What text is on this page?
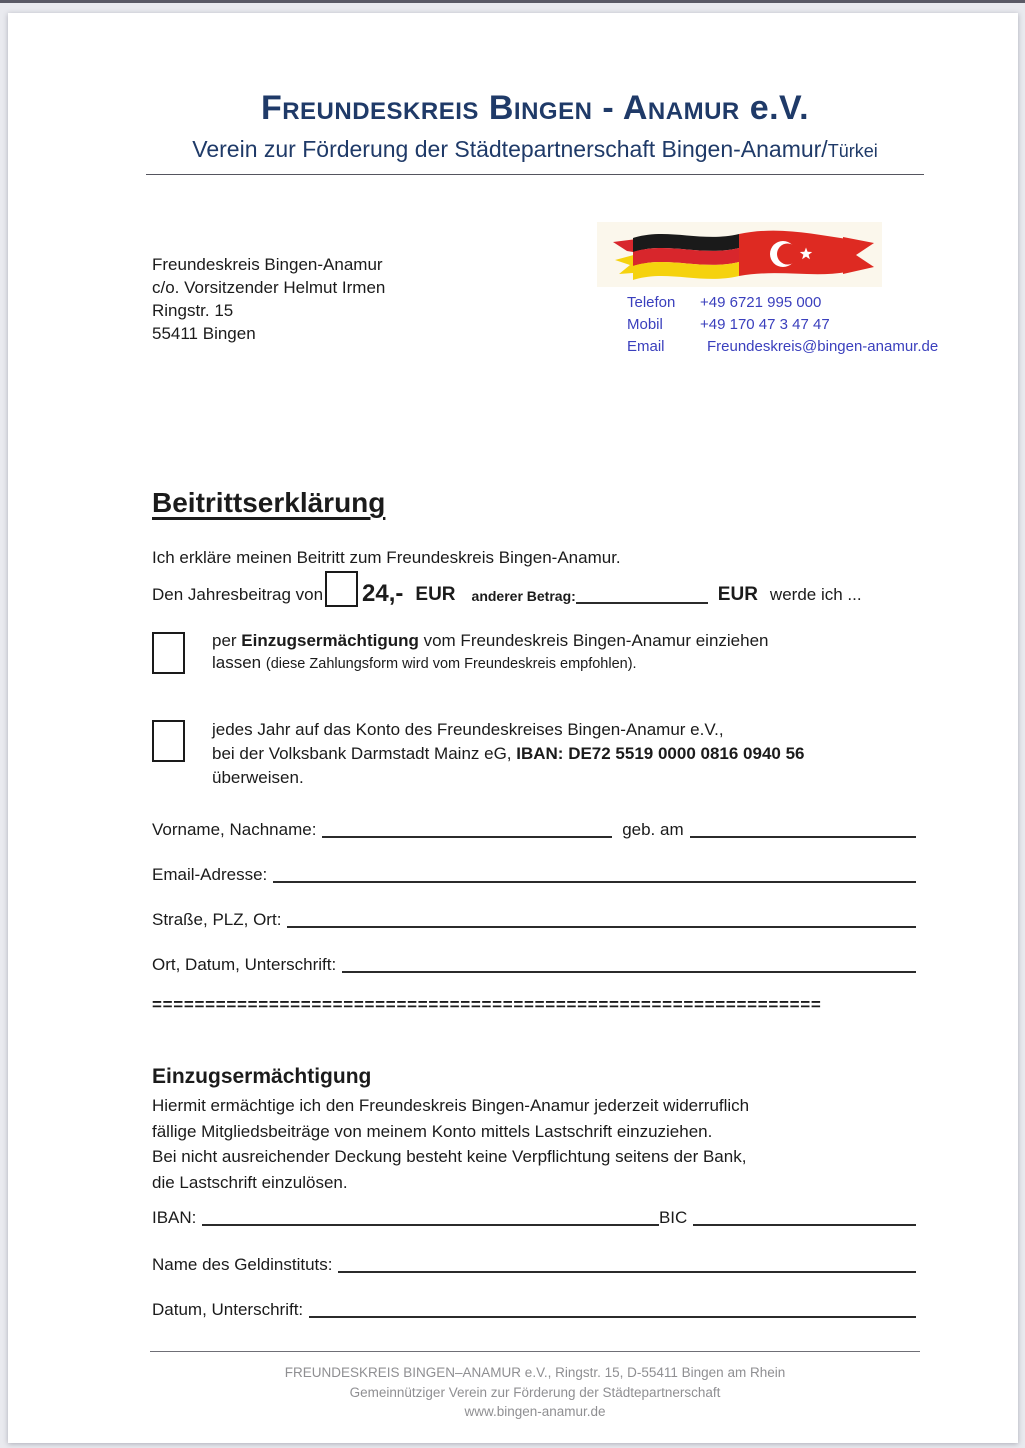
Freundeskreis Bingen - Anamur e.V.
Verein zur Förderung der Städtepartnerschaft Bingen-Anamur/Türkei
Freundeskreis Bingen-Anamur
c/o. Vorsitzender Helmut Irmen
Ringstr. 15
55411 Bingen
Telefon	+49 6721 995 000
Mobil	+49 170 47 3 47 47
Email	Freundeskreis@bingen-anamur.de
Beitrittserklärung
Ich erkläre meinen Beitritt zum Freundeskreis Bingen-Anamur.
Den Jahresbeitrag von 24,- EUR anderer Betrag:	EUR werde ich ...
per Einzugsermächtigung vom Freundeskreis Bingen-Anamur einziehen
lassen (diese Zahlungsform wird vom Freundeskreis empfohlen).
jedes Jahr auf das Konto des Freundeskreises Bingen-Anamur e.V.,
bei der Volksbank Darmstadt Mainz eG, IBAN: DE72 5519 0000 0816 0940 56
überweisen.
Vorname, Nachname:	geb. am
Email-Adresse:
Straße, PLZ, Ort:
Ort, Datum, Unterschrift:
===============================================================
Einzugsermächtigung
Hiermit ermächtige ich den Freundeskreis Bingen-Anamur jederzeit widerruflich
fällige Mitgliedsbeiträge von meinem Konto mittels Lastschrift einzuziehen.
Bei nicht ausreichender Deckung besteht keine Verpflichtung seitens der Bank,
die Lastschrift einzulösen.
IBAN:	BIC
Name des Geldinstituts:
Datum, Unterschrift:
FREUNDESKREIS BINGEN–ANAMUR e.V., Ringstr. 15, D-55411 Bingen am Rhein
Gemeinnütziger Verein zur Förderung der Städtepartnerschaft
www.bingen-anamur.de
